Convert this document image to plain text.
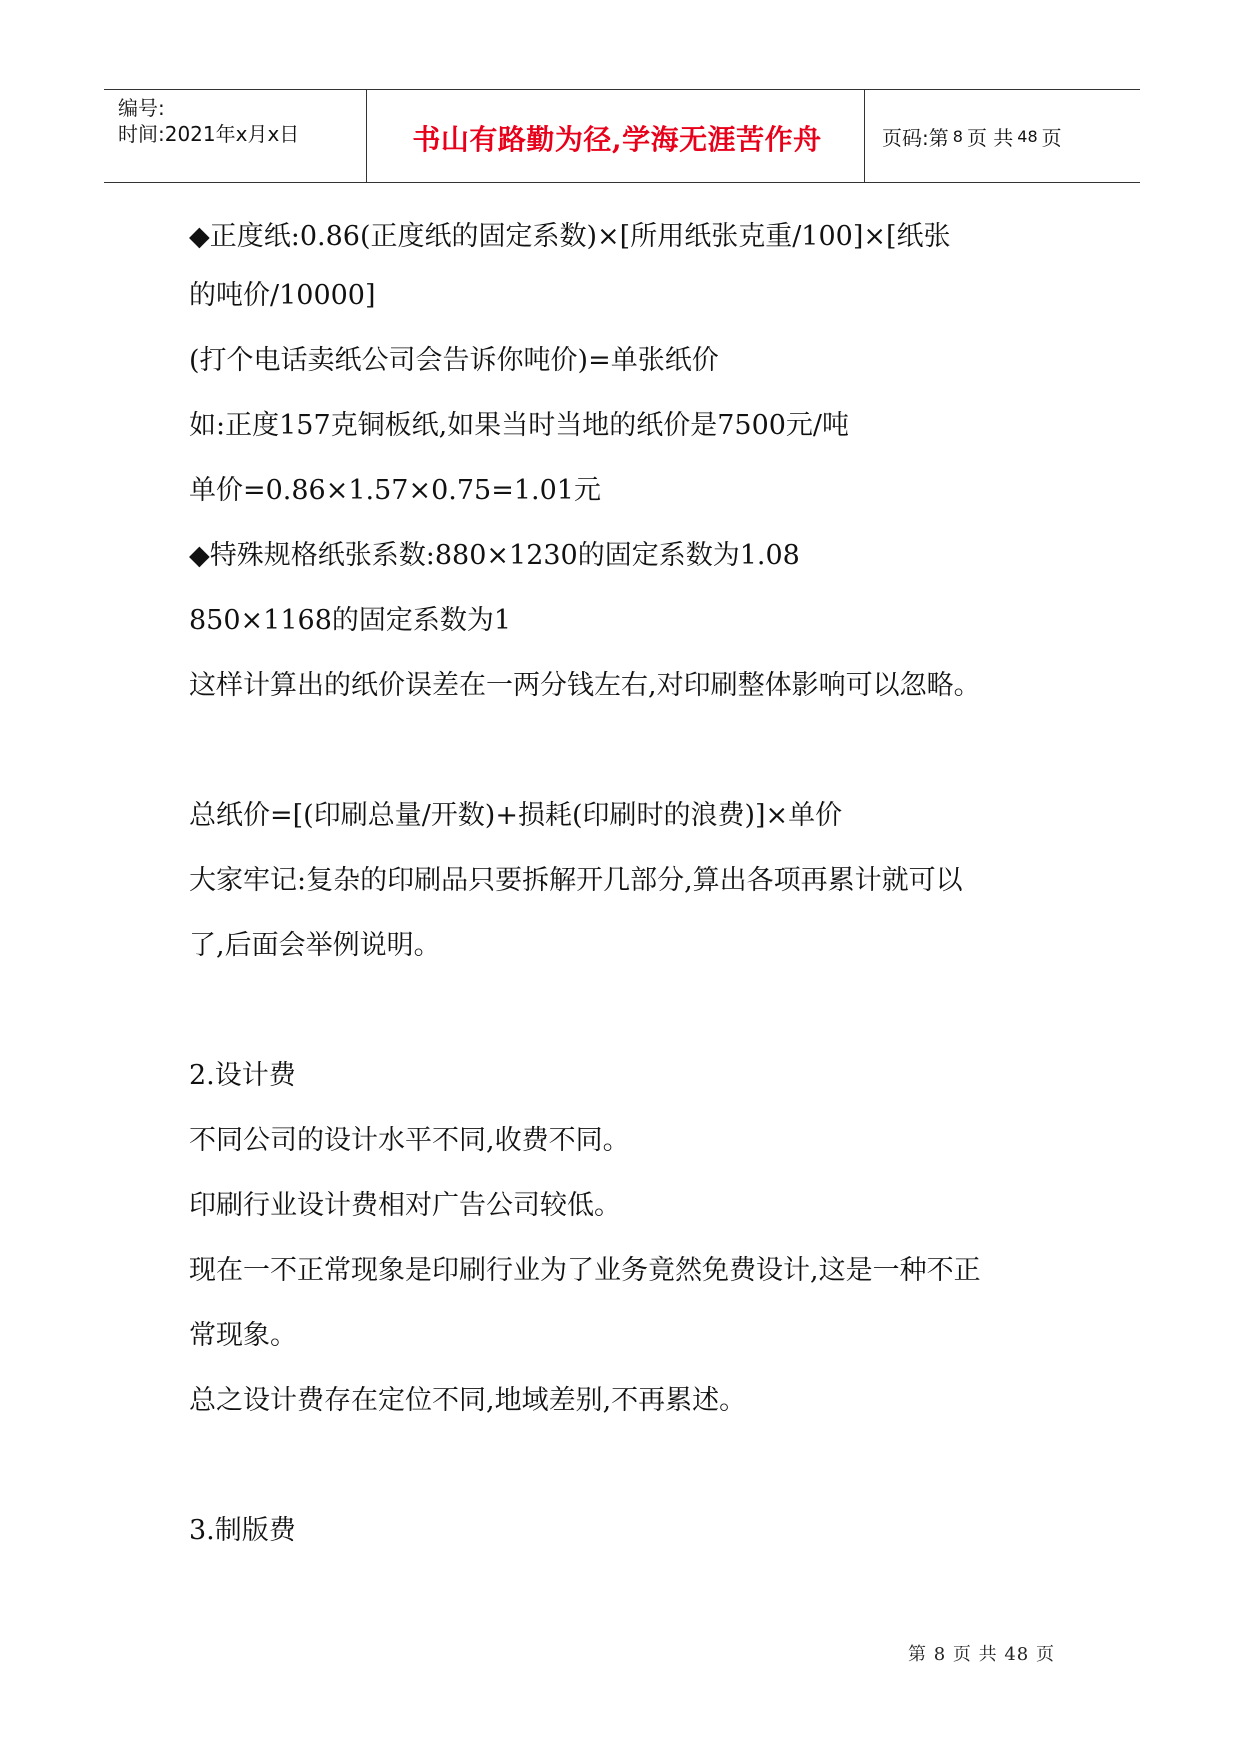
编号:
时间:2021年x月x日	书山有路勤为径,学海无涯苦作舟	页码:第 8 页 共 48 页
◆正度纸:0.86(正度纸的固定系数)×[所用纸张克重/100]×[纸张
的吨价/10000]
(打个电话卖纸公司会告诉你吨价)=单张纸价
如:正度157克铜板纸,如果当时当地的纸价是7500元/吨
单价=0.86×1.57×0.75=1.01元
◆特殊规格纸张系数:880×1230的固定系数为1.08
850×1168的固定系数为1
这样计算出的纸价误差在一两分钱左右,对印刷整体影响可以忽略。
总纸价=[(印刷总量/开数)+损耗(印刷时的浪费)]×单价
大家牢记:复杂的印刷品只要拆解开几部分,算出各项再累计就可以
了,后面会举例说明。
2.设计费
不同公司的设计水平不同,收费不同。
印刷行业设计费相对广告公司较低。
现在一不正常现象是印刷行业为了业务竟然免费设计,这是一种不正
常现象。
总之设计费存在定位不同,地域差别,不再累述。
3.制版费
第 8 页 共 48 页
